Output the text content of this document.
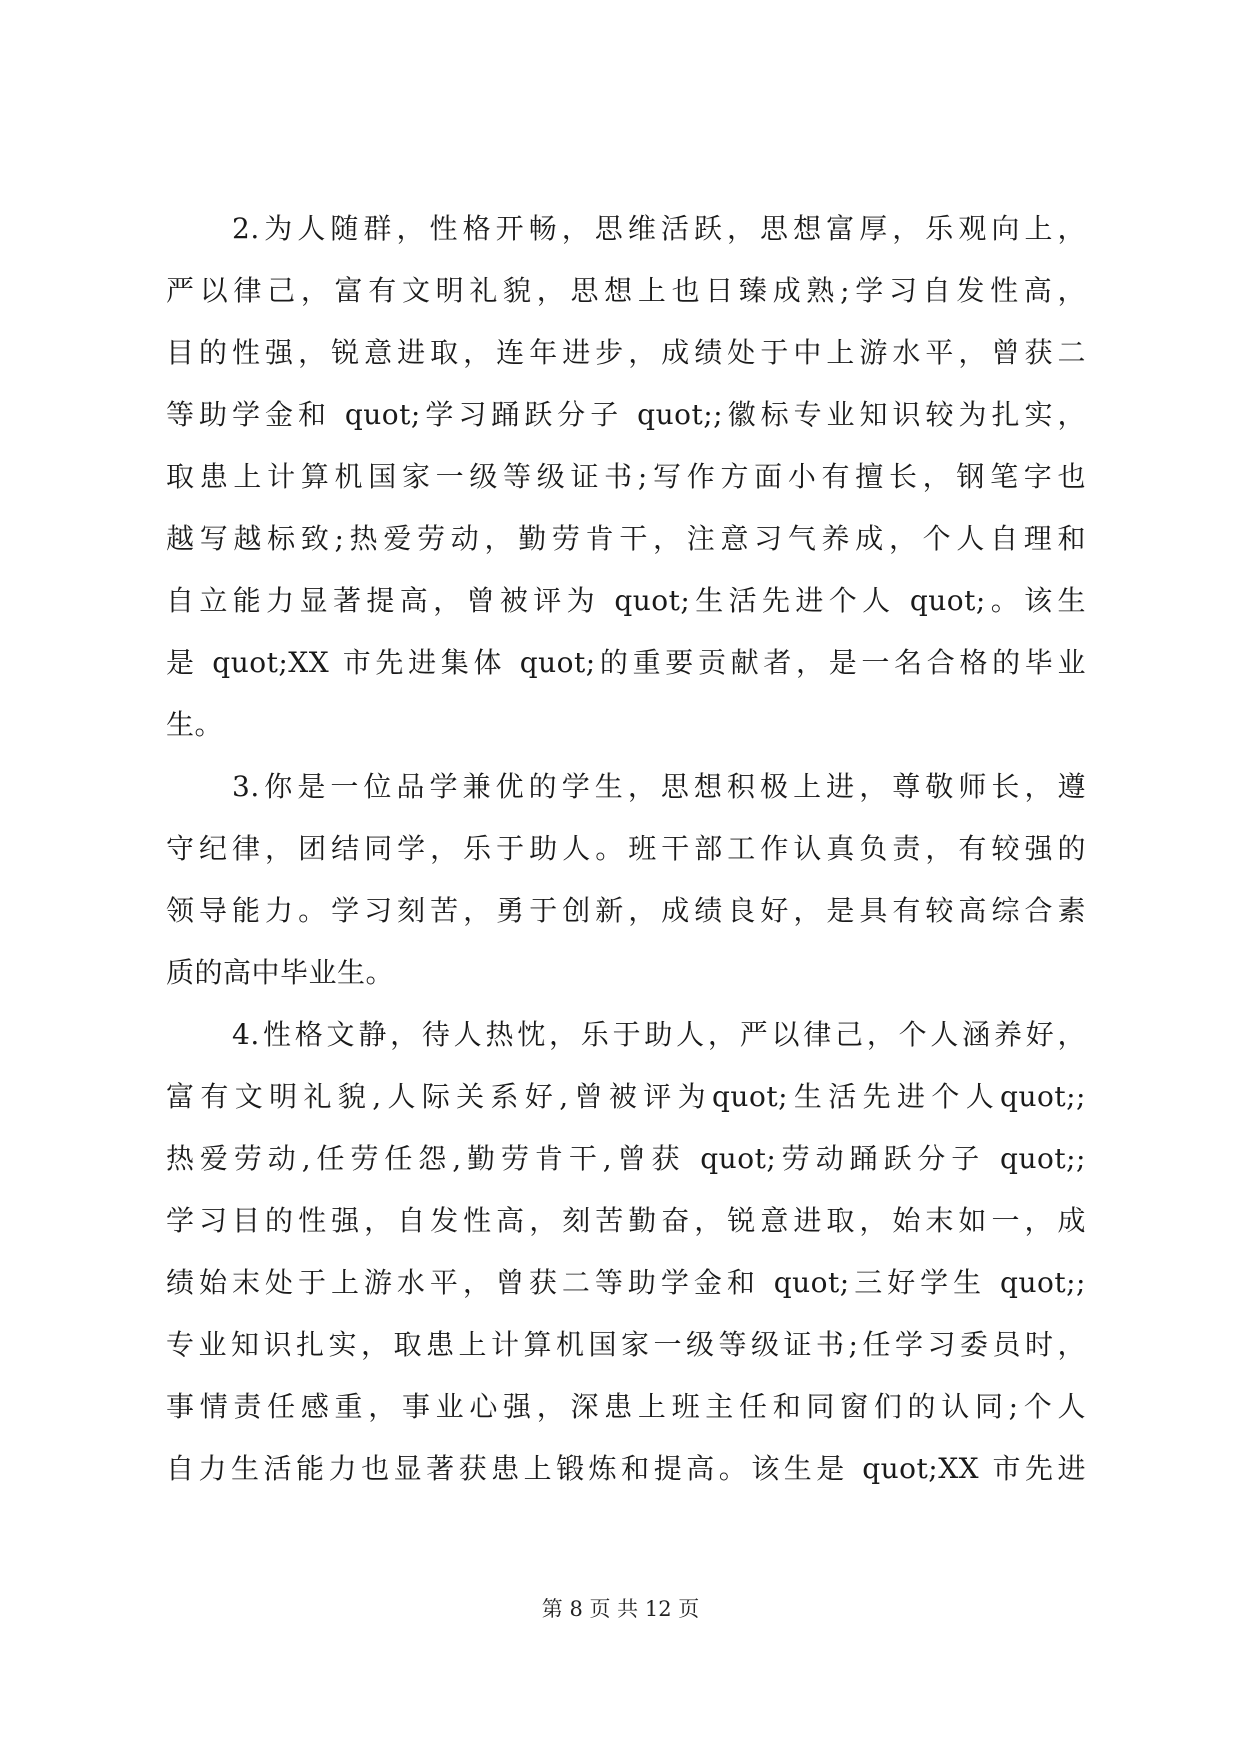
2.为人随群，性格开畅，思维活跃，思想富厚，乐观向上，
严以律己，富有文明礼貌，思想上也日臻成熟;学习自发性高，
目的性强，锐意进取，连年进步，成绩处于中上游水平，曾获二
等助学金和 quot;学习踊跃分子 quot;;徽标专业知识较为扎实，
取患上计算机国家一级等级证书;写作方面小有擅长，钢笔字也
越写越标致;热爱劳动，勤劳肯干，注意习气养成，个人自理和
自立能力显著提高，曾被评为 quot;生活先进个人 quot;。该生
是 quot;XX 市先进集体 quot;的重要贡献者，是一名合格的毕业
生。
3.你是一位品学兼优的学生，思想积极上进，尊敬师长，遵
守纪律，团结同学，乐于助人。班干部工作认真负责，有较强的
领导能力。学习刻苦，勇于创新，成绩良好，是具有较高综合素
质的高中毕业生。
4.性格文静，待人热忱，乐于助人，严以律己，个人涵养好，
富有文明礼貌,人际关系好,曾被评为quot;生活先进个人quot;;
热爱劳动,任劳任怨,勤劳肯干,曾获 quot;劳动踊跃分子 quot;;
学习目的性强，自发性高，刻苦勤奋，锐意进取，始末如一，成
绩始末处于上游水平，曾获二等助学金和 quot;三好学生 quot;;
专业知识扎实，取患上计算机国家一级等级证书;任学习委员时，
事情责任感重，事业心强，深患上班主任和同窗们的认同;个人
自力生活能力也显著获患上锻炼和提高。该生是 quot;XX 市先进
第 8 页 共 12 页
